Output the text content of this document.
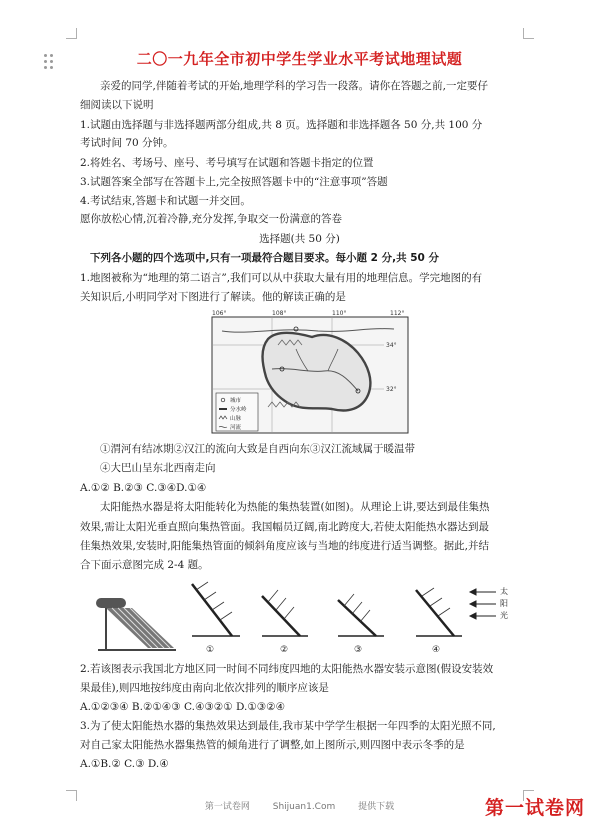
二〇一九年全市初中学生学业水平考试地理试题
亲爱的同学,伴随着考试的开始,地理学科的学习告一段落。请你在答题之前,一定要仔
细阅读以下说明
1.试题由选择题与非选择题两部分组成,共 8 页。选择题和非选择题各 50 分,共 100 分
考试时间 70 分钟。
2.将姓名、考场号、座号、考号填写在试题和答题卡指定的位置
3.试题答案全部写在答题卡上,完全按照答题卡中的“注意事项”答题
4.考试结束,答题卡和试题一并交回。
愿你放松心情,沉着冷静,充分发挥,争取交一份满意的答卷
选择题(共 50 分)
下列各小题的四个选项中,只有一项最符合题目要求。每小题 2 分,共 50 分
1.地图被称为“地理的第二语言”,我们可以从中获取大量有用的地理信息。学完地图的有
关知识后,小明同学对下图进行了解读。他的解读正确的是
106°	108°	110°	112°
34°
32°
城市
分水岭
山脉
河流
①渭河有结冰期②汉江的流向大致是自西向东③汉江流域属于暖温带
④大巴山呈东北西南走向
A.①② B.②③ C.③④D.①④
太阳能热水器是将太阳能转化为热能的集热装置(如图)。从理论上讲,要达到最佳集热
效果,需让太阳光垂直照向集热管面。我国幅员辽阔,南北跨度大,若使太阳能热水器达到最
佳集热效果,安装时,阳能集热管面的倾斜角度应该与当地的纬度进行适当调整。据此,并结
合下面示意图完成 2-4 题。
①	②	③	④
太
阳
光
2.若该图表示我国北方地区同一时间不同纬度四地的太阳能热水器安装示意图(假设安装效
果最佳),则四地按纬度由南向北依次排列的顺序应该是
A.①②③④ B.②①④③ C.④③②① D.①③②④
3.为了使太阳能热水器的集热效果达到最佳,我市某中学学生根据一年四季的太阳光照不同,
对自己家太阳能热水器集热管的倾角进行了调整,如上图所示,则四图中表示冬季的是
A.①B.② C.③ D.④
第一试卷网	Shijuan1.Com	提供下载	第一试卷网
